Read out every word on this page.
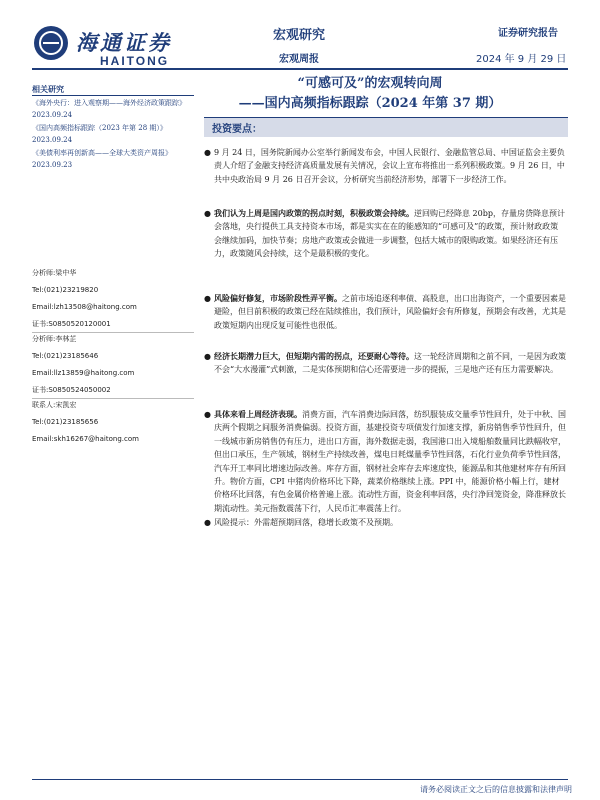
海通证券
HAITONG
宏观研究
宏观周报
证券研究报告
2024 年 9 月 29 日
“可感可及”的宏观转向周
——国内高频指标跟踪（2024 年第 37 期）
相关研究
《海外央行：进入观察期——海外经济政策跟踪》 2023.09.24
《国内高频指标跟踪（2023 年第 28 期）》 2023.09.24
《美债利率再创新高——全球大类资产周报》 2023.09.23
分析师:梁中华
Tel:(021)23219820
Email:lzh13508@haitong.com
证书:S0850520120001
分析师:李林芷
Tel:(021)23185646
Email:llz13859@haitong.com
证书:S0850524050002
联系人:宋凯宏
Tel:(021)23185656
Email:skh16267@haitong.com
投资要点：
● 9 月 24 日，国务院新闻办公室举行新闻发布会，中国人民银行、金融监管总局、中国证监会主要负责人介绍了金融支持经济高质量发展有关情况，会议上宣布将推出一系列积极政策。9 月 26 日，中共中央政治局 9 月 26 日召开会议，分析研究当前经济形势，部署下一步经济工作。
● 我们认为上周是国内政策的拐点时刻，积极政策会持续。逆回购已经降息 20bp，存量房贷降息预计会落地，央行提供工具支持资本市场，都是实实在在的能感知的“可感可及”的政策，预计财政政策会继续加码，加快节奏；房地产政策或会做进一步调整，包括大城市的限购政策。如果经济还有压力，政策随风会持续，这个是最积极的变化。
● 风险偏好修复，市场阶段性弄平衡。之前市场追逐利率债、高股息，出口出海资产，一个重要因素是避险，但目前积极的政策已经在陆续推出，我们预计，风险偏好会有所修复，预期会有改善，尤其是政策短期内出现反复可能性也很低。
● 经济长期潜力巨大，但短期内需的拐点，还要耐心等待。这一轮经济周期和之前不同，一是因为政策不会“大水漫灌”式刺激，二是实体预期和信心还需要进一步的提振，三是地产还有压力需要解决。
● 具体来看上周经济表现。消费方面，汽车消费边际回落，纺织服装成交量季节性回升，处于中秋、国庆两个假期之间服务消费偏弱。投资方面，基建投资专项债发行加速支撑，新房销售季节性回升，但一线城市新房销售仍有压力，进出口方面，海外数据走弱，我国港口出入境船舶数量同比跌幅收窄，但出口承压，生产领域，钢材生产持续改善，煤电日耗煤量季节性回落，石化行业负荷季节性回落，汽车开工率同比增速边际改善。库存方面，钢材社会库存去库速度快，能源品和其他建材库存有所回升。物价方面，CPI 中猪肉价格环比下降，蔬菜价格继续上涨。PPI 中，能源价格小幅上行，建材价格环比回落，有色金属价格普遍上涨。流动性方面，资金利率回落，央行净回笼资金，降准释放长期流动性。美元指数震荡下行，人民币汇率震荡上行。
● 风险提示：外需超预期回落，稳增长政策不及预期。
请务必阅读正文之后的信息披露和法律声明
